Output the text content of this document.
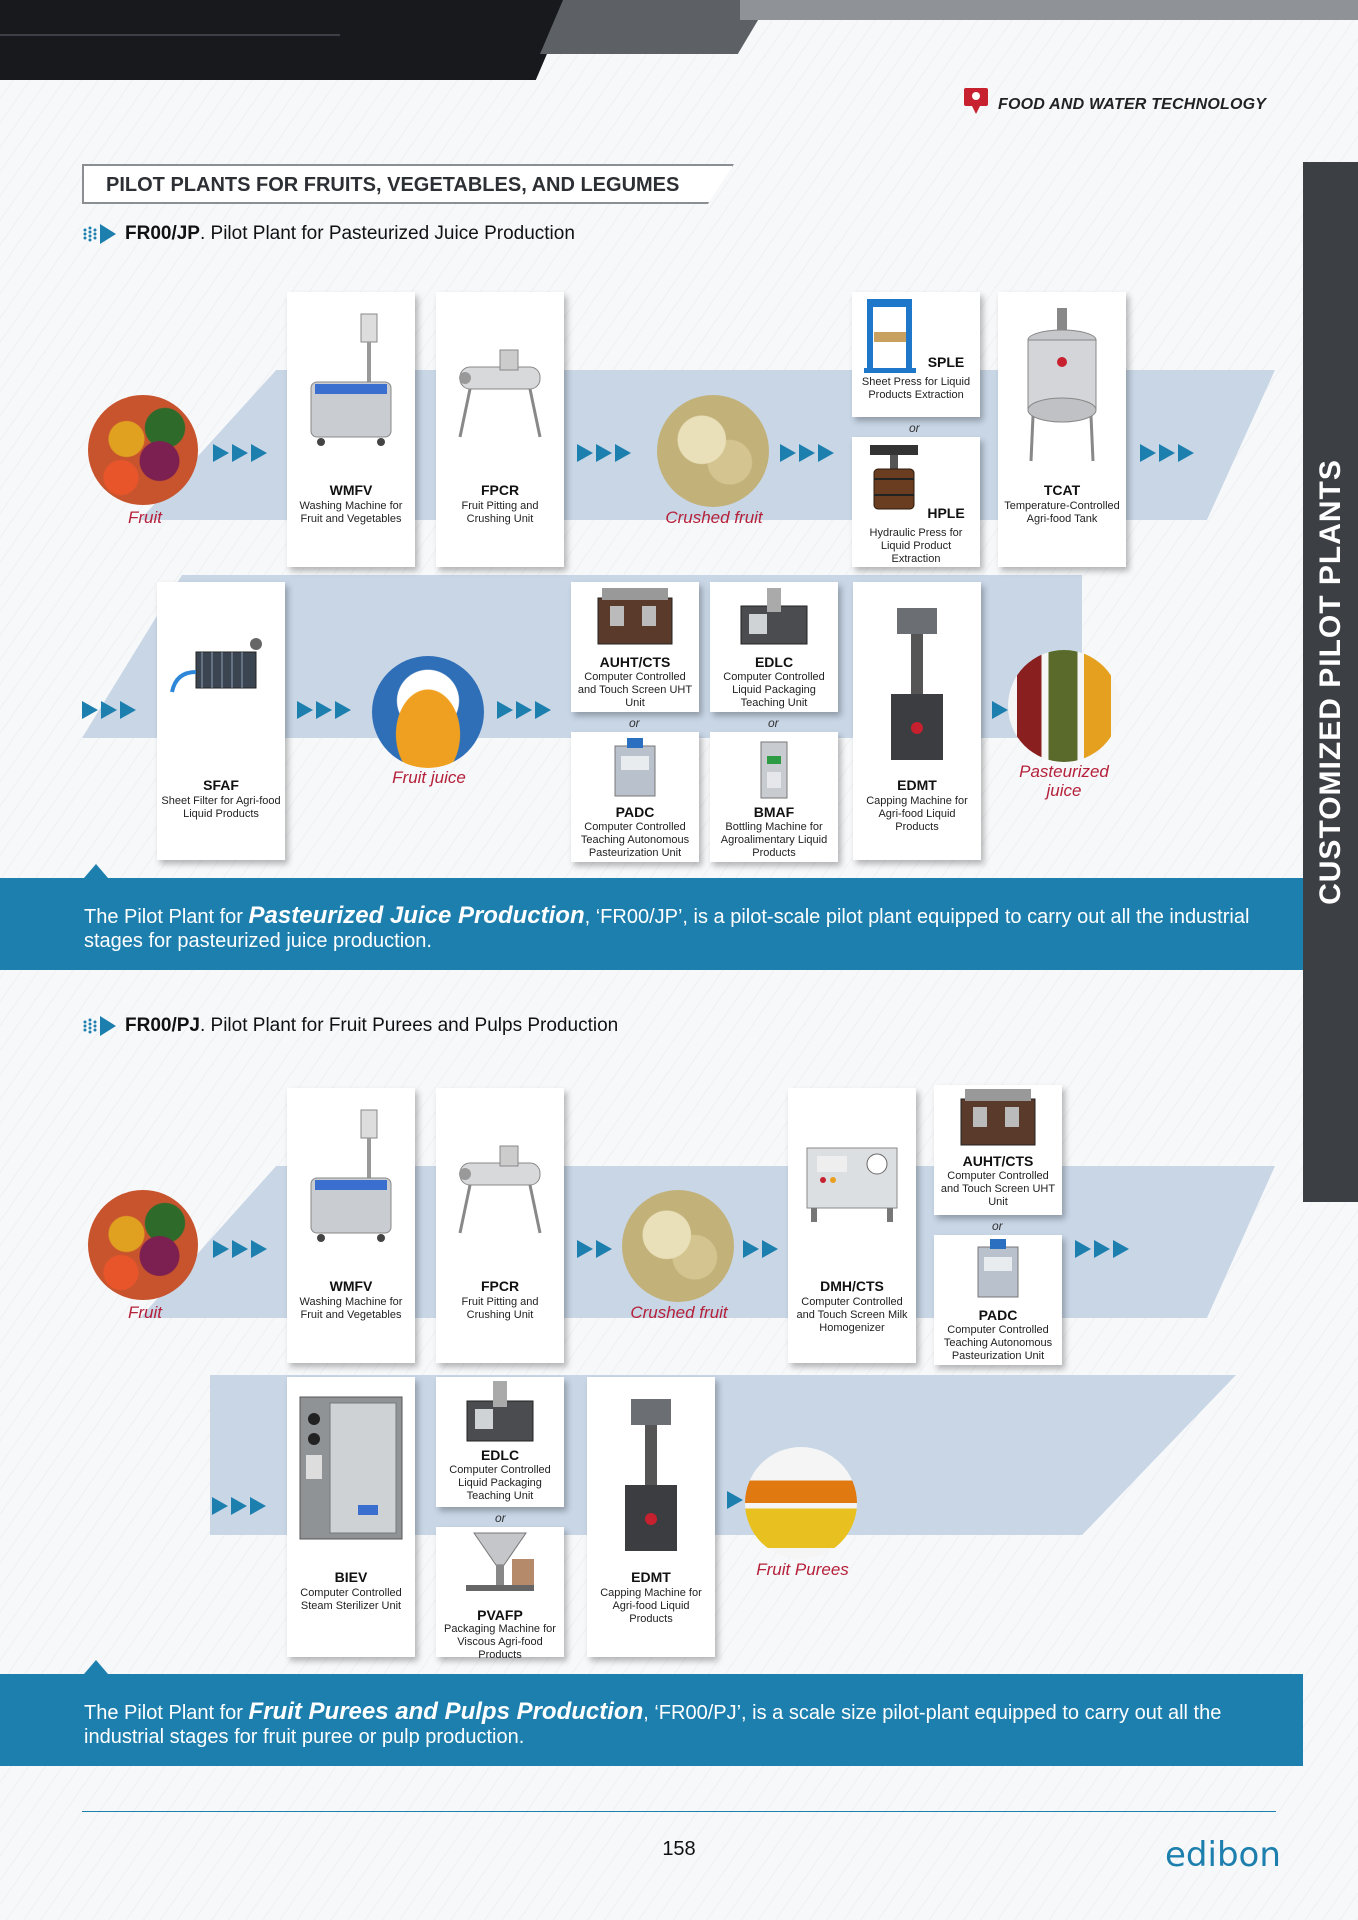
FOOD AND WATER TECHNOLOGY
CUSTOMIZED PILOT PLANTS
PILOT PLANTS FOR FRUITS, VEGETABLES, AND LEGUMES
FR00/JP. Pilot Plant for Pasteurized Juice Production
Fruit
WMFV
Washing Machine for Fruit and Vegetables
FPCR
Fruit Pitting and Crushing Unit	Crushed fruit
SPLE
Sheet Press for Liquid Products Extraction
or
HPLE
Hydraulic Press for Liquid Product Extraction
TCAT
Temperature-Controlled Agri-food Tank
SFAF
Sheet Filter for Agri-food Liquid Products
Fruit juice
AUHT/CTS
Computer Controlled and Touch Screen UHT Unit
or
PADC
Computer Controlled Teaching Autonomous Pasteurization Unit
EDLC
Computer Controlled Liquid Packaging Teaching Unit
or
BMAF
Bottling Machine for Agroalimentary Liquid Products
EDMT
Capping Machine for Agri-food Liquid Products
Pasteurized juice
The Pilot Plant for Pasteurized Juice Production, ‘FR00/JP’, is a pilot-scale pilot plant equipped to carry out all the industrial stages for pasteurized juice production.
FR00/PJ. Pilot Plant for Fruit Purees and Pulps Production
Fruit
WMFV
Washing Machine for Fruit and Vegetables
FPCR
Fruit Pitting and Crushing Unit	Crushed fruit
DMH/CTS
Computer Controlled and Touch Screen Milk Homogenizer
AUHT/CTS
Computer Controlled and Touch Screen UHT Unit
or
PADC
Computer Controlled Teaching Autonomous Pasteurization Unit
BIEV
Computer Controlled Steam Sterilizer Unit
EDLC
Computer Controlled Liquid Packaging Teaching Unit
or
PVAFP
Packaging Machine for Viscous Agri-food Products
EDMT
Capping Machine for Agri-food Liquid Products
Fruit Purees
The Pilot Plant for Fruit Purees and Pulps Production, ‘FR00/PJ’, is a scale size pilot-plant equipped to carry out all the industrial stages for fruit puree or pulp production.
158	edibon
